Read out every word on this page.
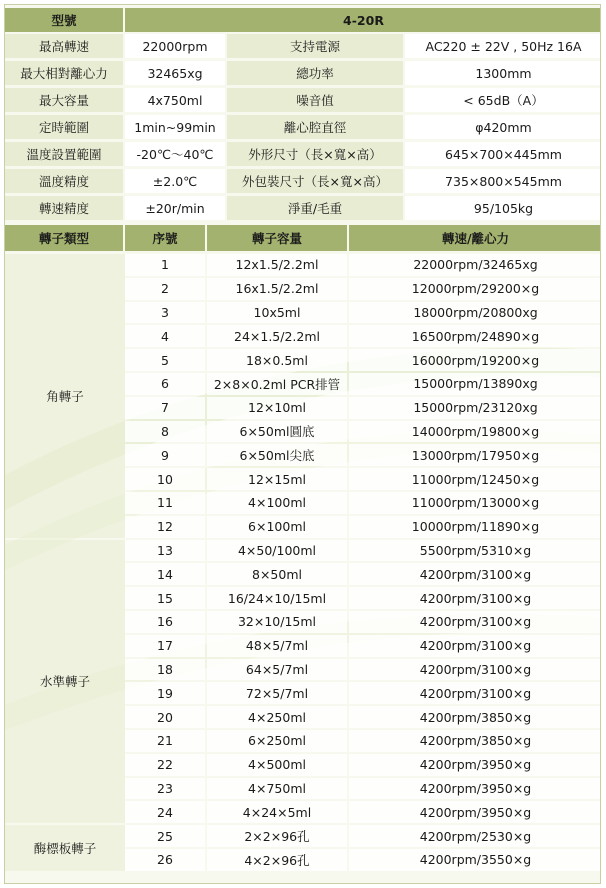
型號	4-20R
最高轉速	22000rpm	支持電源	AC220 ± 22V , 50Hz 16A
最大相對離心力	32465xg	總功率	1300mm
最大容量	4x750ml	噪音值	< 65dB（A）
定時範圍	1min~99min	離心腔直徑	φ420mm
溫度設置範圍	-20℃～40℃	外形尺寸（長×寬×高）	645×700×445mm
溫度精度	±2.0℃	外包裝尺寸（長×寬×高）	735×800×545mm
轉速精度	±20r/min	淨重/毛重	95/105kg
轉子類型	序號	轉子容量	轉速/離心力
角轉子
1	12x1.5/2.2ml	22000rpm/32465xg
2	16x1.5/2.2ml	12000rpm/29200×g
3	10x5ml	18000rpm/20800xg
4	24×1.5/2.2ml	16500rpm/24890×g
5	18×0.5ml	16000rpm/19200×g
6	2×8×0.2ml PCR排管	15000rpm/13890xg
7	12×10ml	15000rpm/23120xg
8	6×50ml圓底	14000rpm/19800×g
9	6×50ml尖底	13000rpm/17950×g
10	12×15ml	11000rpm/12450×g
11	4×100ml	11000rpm/13000×g
12	6×100ml	10000rpm/11890×g
水準轉子
13	4×50/100ml	5500rpm/5310×g
14	8×50ml	4200rpm/3100×g
15	16/24×10/15ml	4200rpm/3100×g
16	32×10/15ml	4200rpm/3100×g
17	48×5/7ml	4200rpm/3100×g
18	64×5/7ml	4200rpm/3100×g
19	72×5/7ml	4200rpm/3100×g
20	4×250ml	4200rpm/3850×g
21	6×250ml	4200rpm/3850×g
22	4×500ml	4200rpm/3950×g
23	4×750ml	4200rpm/3950×g
24	4×24×5ml	4200rpm/3950×g
酶標板轉子
25	2×2×96孔	4200rpm/2530×g
26	4×2×96孔	4200rpm/3550×g
